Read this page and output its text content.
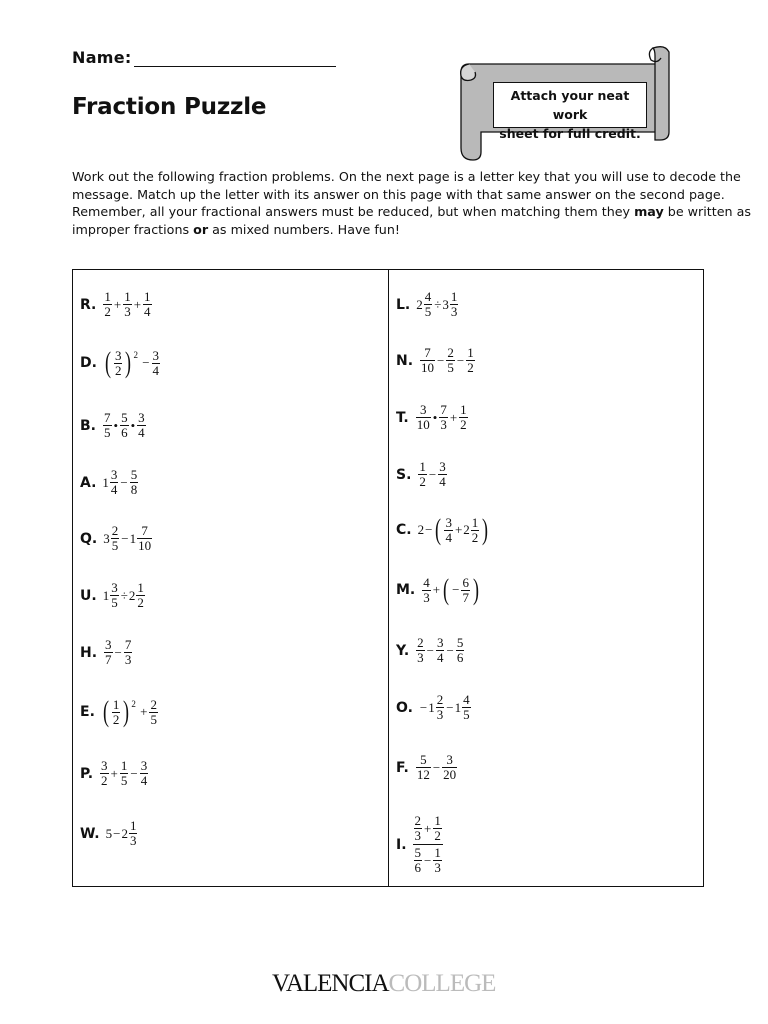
Name:
Fraction Puzzle	Attach your neat work
sheet for full credit.
Work out the following fraction problems. On the next page is a letter key that you will use to decode the
message. Match up the letter with its answer on this page with that same answer on the second page.
Remember, all your fractional answers must be reduced, but when matching them they may be written as
improper fractions or as mixed numbers. Have fun!
R. $\frac{1}{2} + \frac{1}{3} + \frac{1}{4}$
D. ( $\frac{3}{2}$ ) $2 - \frac{3}{4}$
B. $\frac{7}{5}$ • $\frac{5}{6}$ • $\frac{3}{4}$
A. $1 \frac{3}{4} - \frac{5}{8}$
Q. $3 \frac{2}{5} - 1 \frac{7}{10}$
U. $1 \frac{3}{5} \div 2 \frac{1}{2}$
H. $\frac{3}{7} - \frac{7}{3}$
E. ( $\frac{1}{2}$ ) $2 + \frac{2}{5}$
P. $\frac{3}{2} + \frac{1}{5} - \frac{3}{4}$
W. $5 - 2 \frac{1}{3}$
L. $2 \frac{4}{5} \div 3 \frac{1}{3}$
N. $\frac{7}{10} - \frac{2}{5} - \frac{1}{2}$
T. $\frac{3}{10}$ • $\frac{7}{3} + \frac{1}{2}$
S. $\frac{1}{2} - \frac{3}{4}$
C. 2 − ( $\frac{3}{4} + 2 \frac{1}{2}$ )
M. $\frac{4}{3}$ + ( − $\frac{6}{7}$ )
Y. $\frac{2}{3} - \frac{3}{4} - \frac{5}{6}$
O. − $1 \frac{2}{3} - 1 \frac{4}{5}$
F. $\frac{5}{12} - \frac{3}{20}$
I.
$\frac{2}{3} + \frac{1}{2}$
$\frac{5}{6} - \frac{1}{3}$
VALENCIACOLLEGE
